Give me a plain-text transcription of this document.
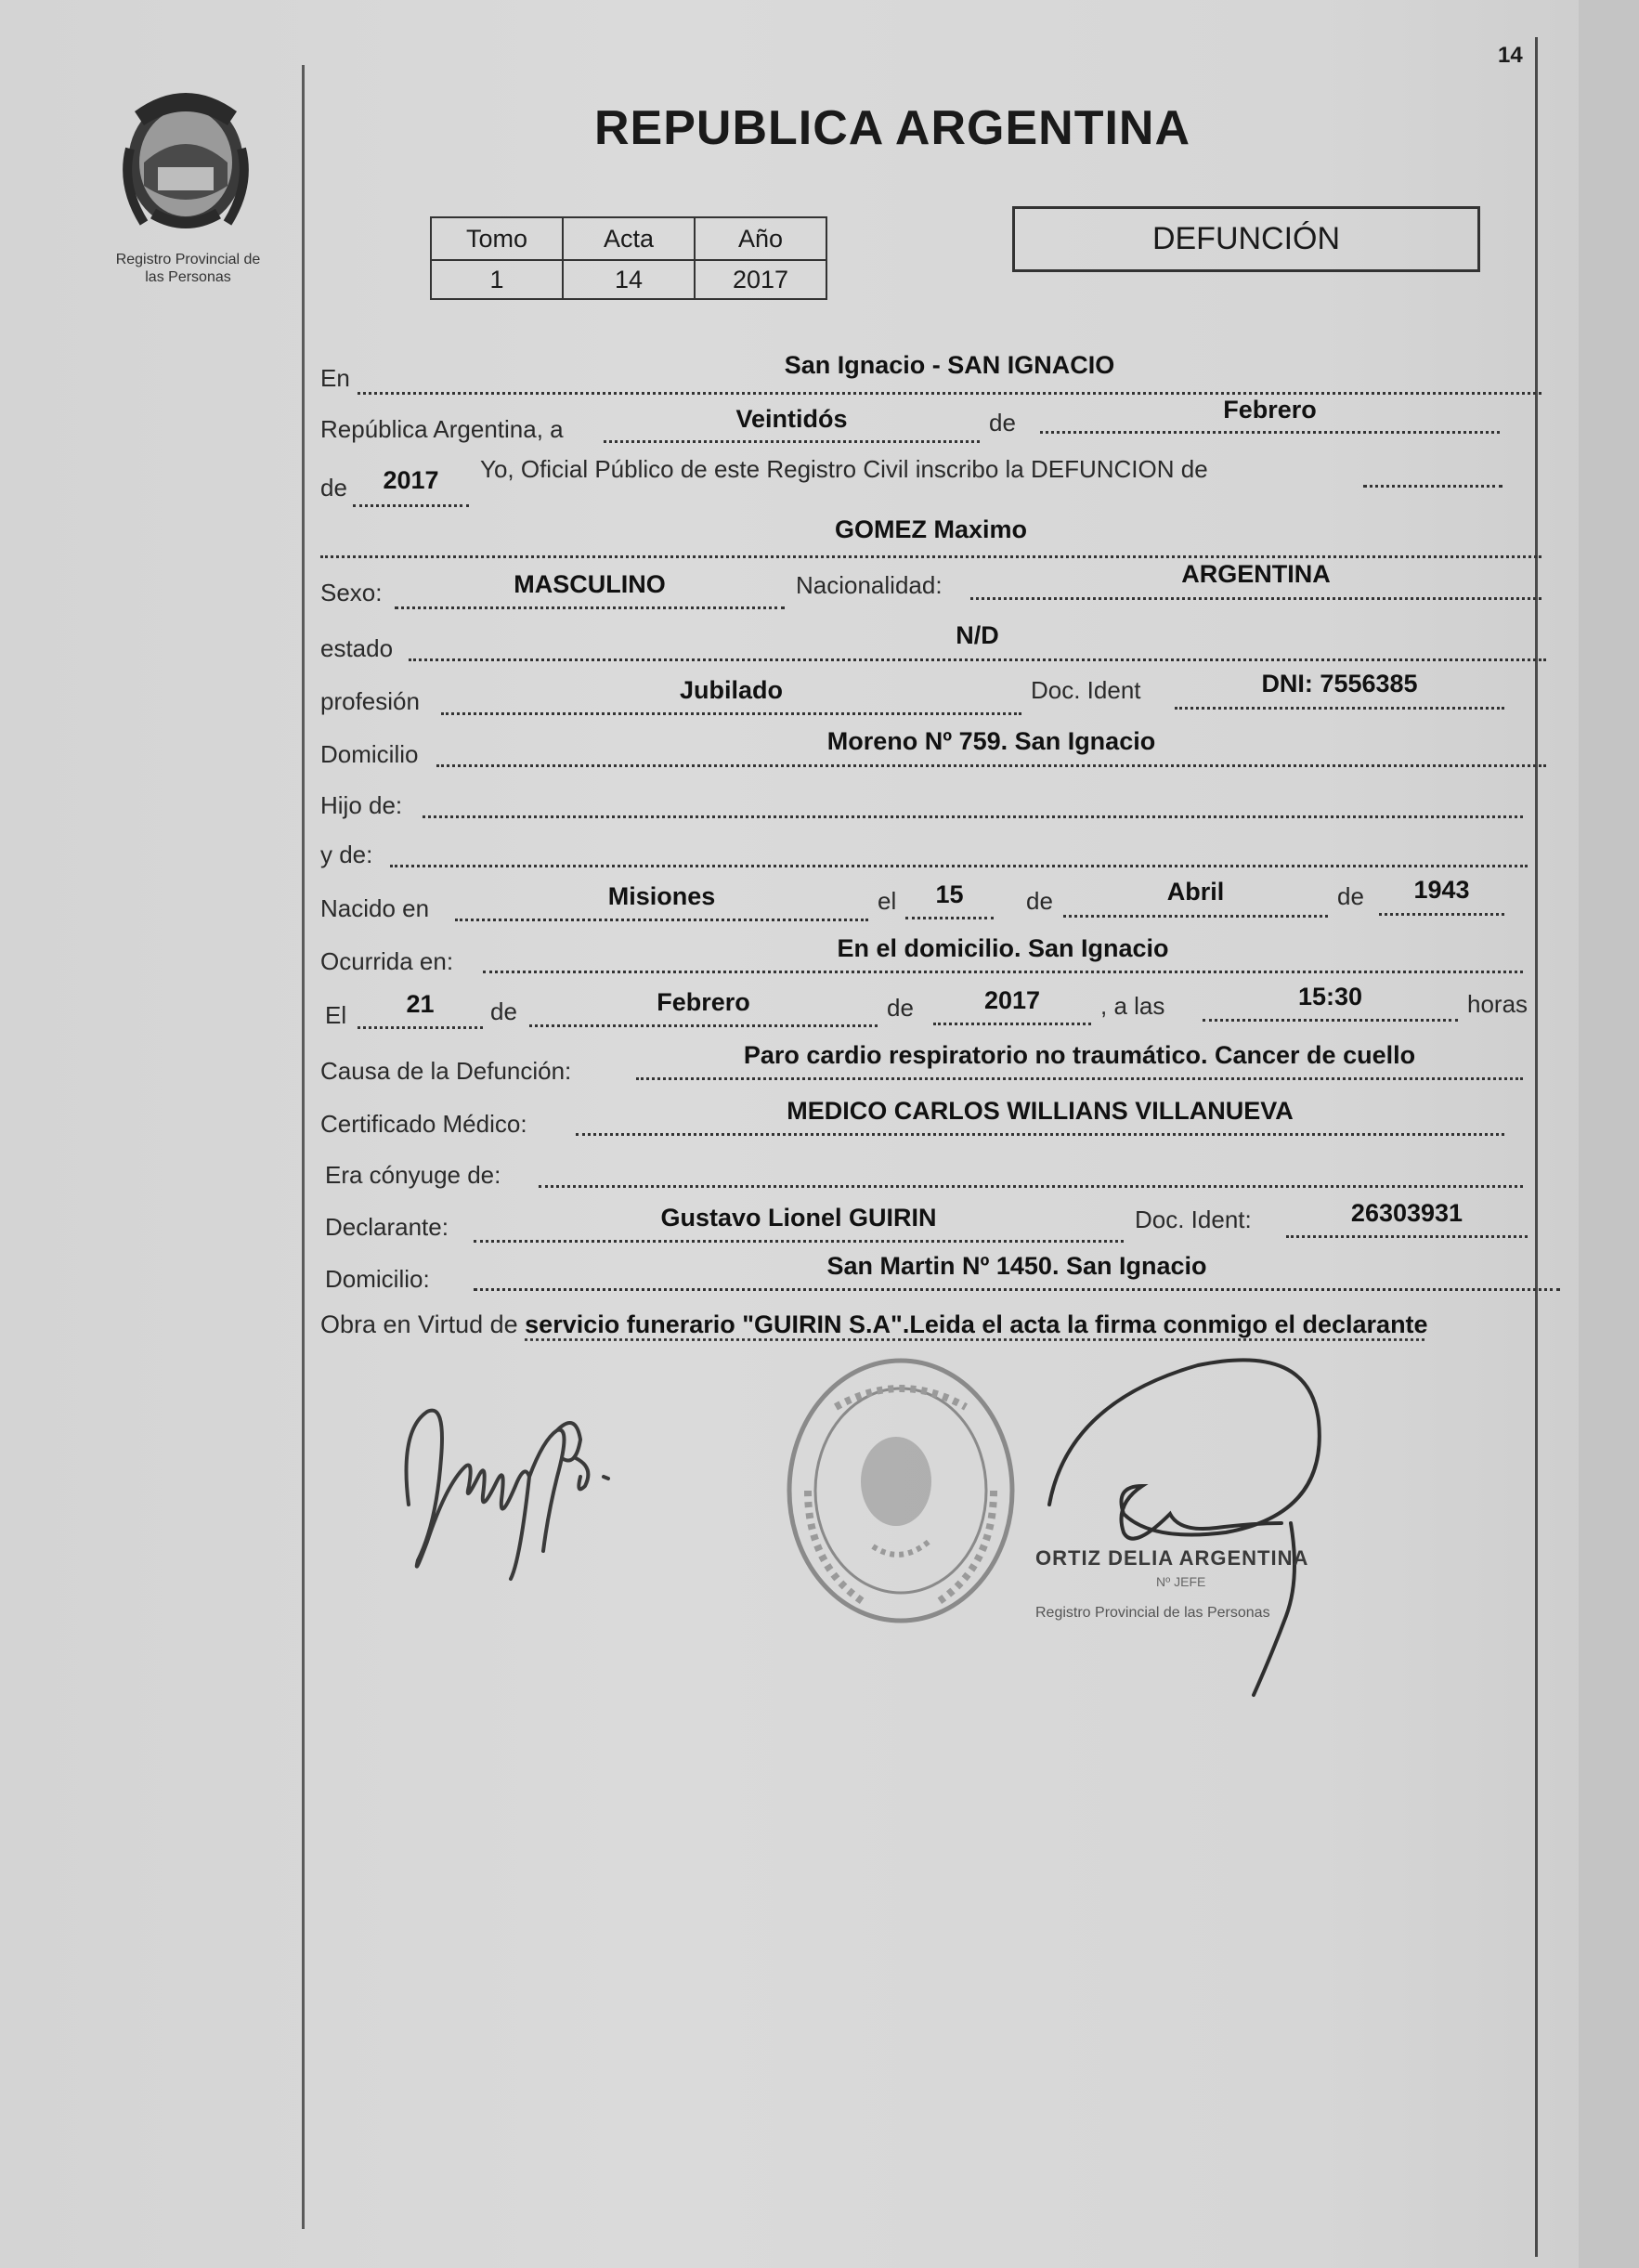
14
Registro Provincial de
las Personas
REPUBLICA ARGENTINA
Tomo	Acta	Año
1	14	2017
DEFUNCIÓN
En	San Ignacio - SAN IGNACIO
República Argentina, a	Veintidós	de	Febrero
de	2017	Yo, Oficial Público de este Registro Civil inscribo la DEFUNCION de
GOMEZ Maximo
Sexo:	MASCULINO	Nacionalidad:	ARGENTINA
estado	N/D
profesión	Jubilado	Doc. Ident	DNI: 7556385
Domicilio	Moreno Nº 759. San Ignacio
Hijo de:
y de:
Nacido en	Misiones	el	15	de	Abril	de	1943
Ocurrida en:	En el domicilio. San Ignacio
El	21	de	Febrero	de	2017	, a las	15:30	horas
Causa de la Defunción:
Paro cardio respiratorio no traumático. Cancer de cuello
Certificado Médico:	MEDICO CARLOS WILLIANS VILLANUEVA
Era cónyuge de:
Declarante:	Gustavo Lionel GUIRIN	Doc. Ident:	26303931
Domicilio:	San Martin Nº 1450. San Ignacio
Obra en Virtud de servicio funerario "GUIRIN S.A".Leida el acta la firma conmigo el declarante
ORTIZ DELIA ARGENTINA
Nº JEFE
Registro Provincial de las Personas
